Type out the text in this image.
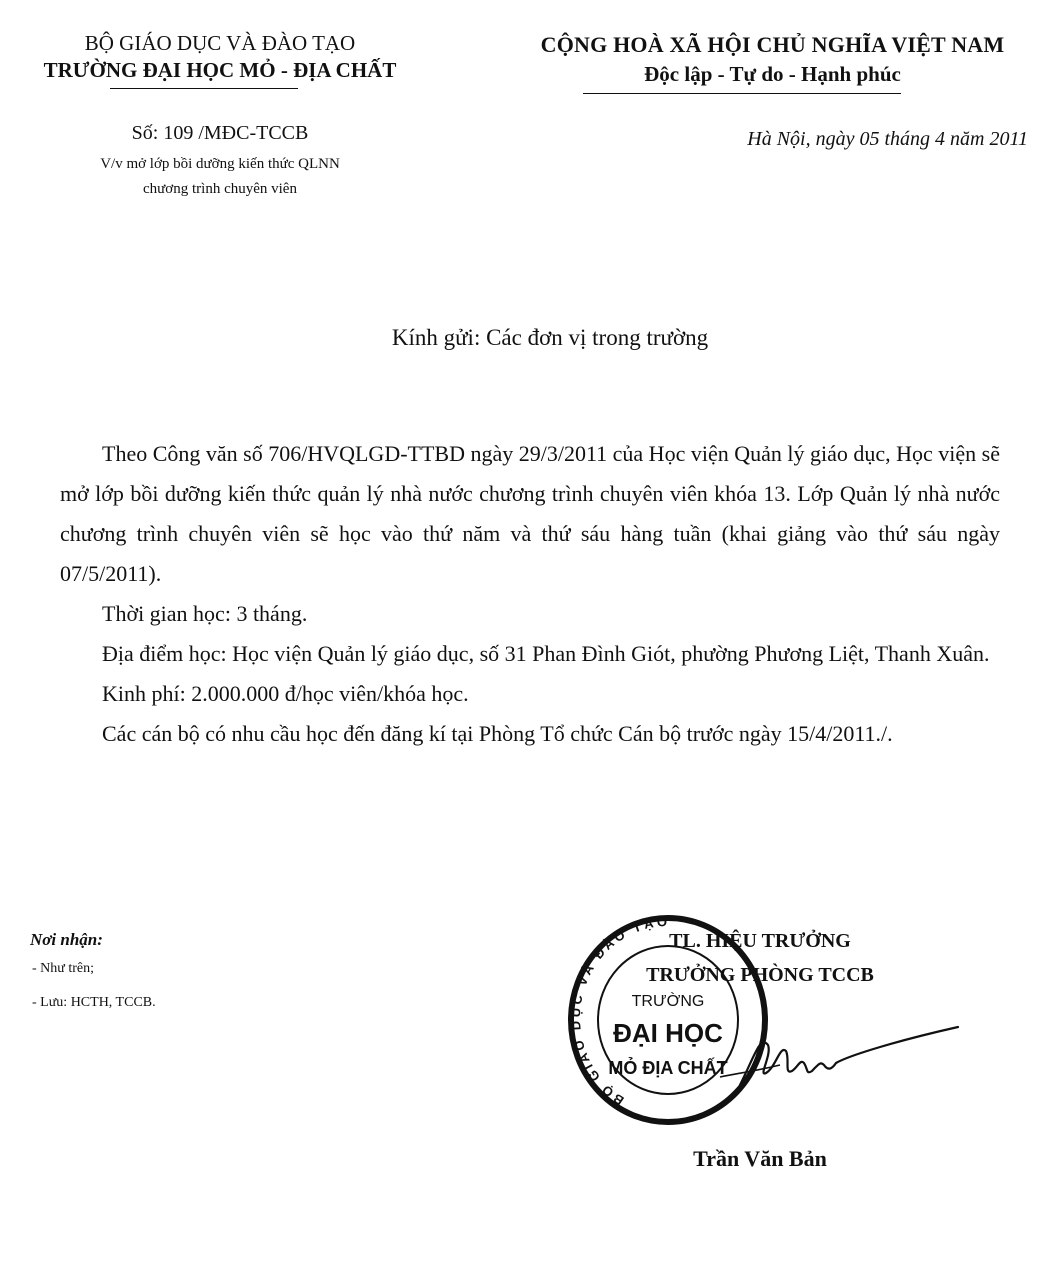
BỘ GIÁO DỤC VÀ ĐÀO TẠO
TRƯỜNG ĐẠI HỌC MỎ - ĐỊA CHẤT
Số: 109 /MĐC-TCCB
V/v mở lớp bồi dưỡng kiến thức QLNN
chương trình chuyên viên
CỘNG HOÀ XÃ HỘI CHỦ NGHĨA VIỆT NAM
Độc lập - Tự do - Hạnh phúc
Hà Nội, ngày 05 tháng 4 năm 2011
Kính gửi: Các đơn vị trong trường

Theo Công văn số 706/HVQLGD-TTBD ngày 29/3/2011 của Học viện Quản lý giáo dục, Học viện sẽ mở lớp bồi dưỡng kiến thức quản lý nhà nước chương trình chuyên viên khóa 13. Lớp Quản lý nhà nước chương trình chuyên viên sẽ học vào thứ năm và thứ sáu hàng tuần (khai giảng vào thứ sáu ngày 07/5/2011).

Thời gian học: 3 tháng.

Địa điểm học: Học viện Quản lý giáo dục, số 31 Phan Đình Giót, phường Phương Liệt, Thanh Xuân.

Kinh phí: 2.000.000 đ/học viên/khóa học.

Các cán bộ có nhu cầu học đến đăng kí tại Phòng Tổ chức Cán bộ trước ngày 15/4/2011./.

Nơi nhận:
- Như trên;
- Lưu: HCTH, TCCB.
TL. HIỆU TRƯỞNG
TRƯỞNG PHÒNG TCCB
BỘ GIÁO DỤC VÀ ĐÀO TẠO
TRƯỜNG
ĐẠI HỌC
MỎ ĐỊA CHẤT
Trần Văn Bản
